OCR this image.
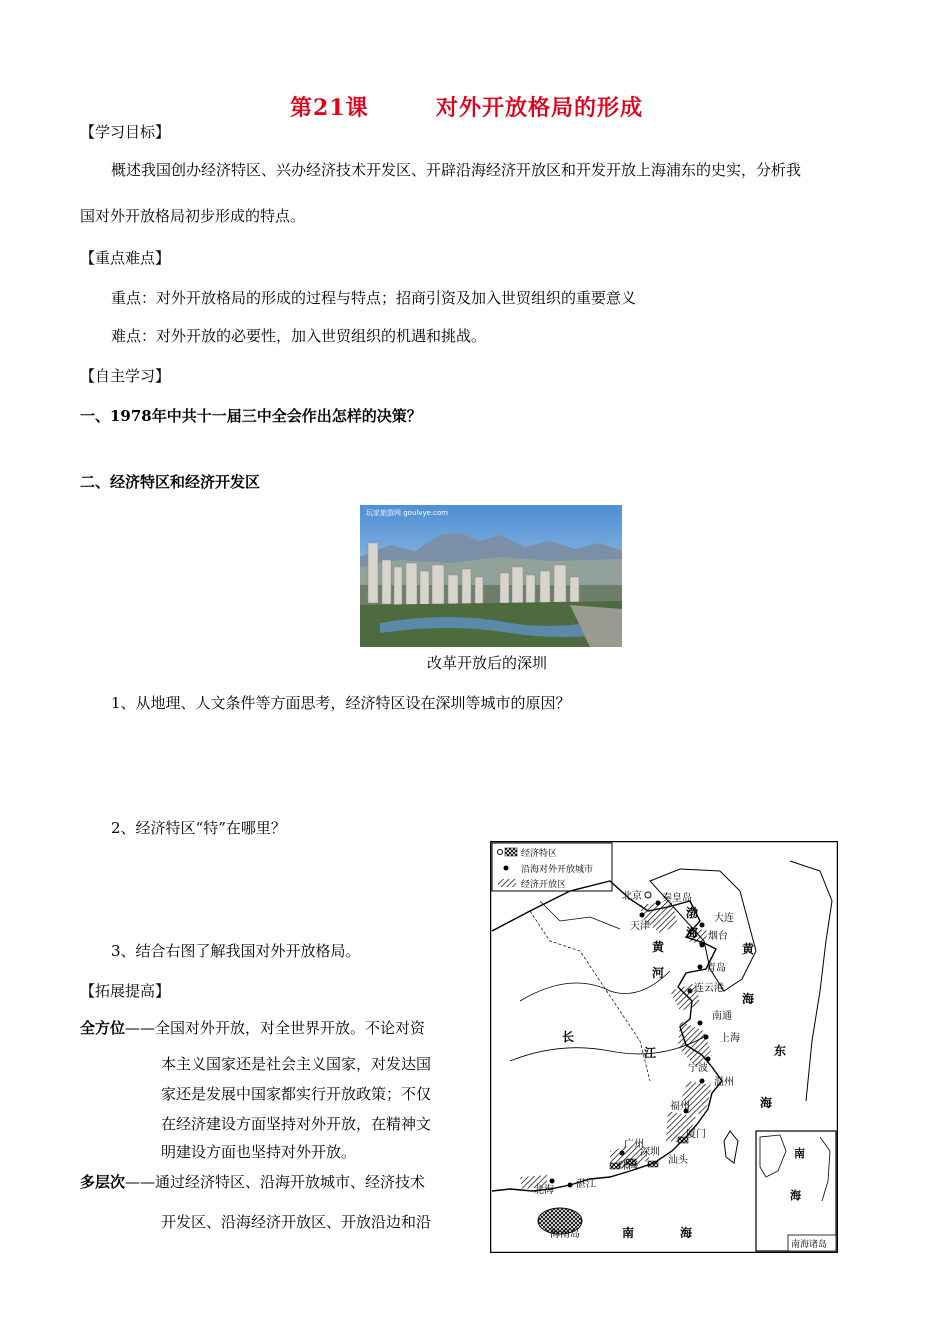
第21课	对外开放格局的形成
【学习目标】
概述我国创办经济特区、兴办经济技术开发区、开辟沿海经济开放区和开发开放上海浦东的史实，分析我
国对外开放格局初步形成的特点。
【重点难点】
重点：对外开放格局的形成的过程与特点；招商引资及加入世贸组织的重要意义
难点：对外开放的必要性，加入世贸组织的机遇和挑战。
【自主学习】
一、1978年中共十一届三中全会作出怎样的决策？
二、经济特区和经济开发区
玩家旅游网 goulvye.com
改革开放后的深圳
1、从地理、人文条件等方面思考，经济特区设在深圳等城市的原因？
2、经济特区“特”在哪里？
3、结合右图了解我国对外开放格局。
【拓展提高】
全方位——全国对外开放，对全世界开放。不论对资
本主义国家还是社会主义国家，对发达国
家还是发展中国家都实行开放政策；不仅
在经济建设方面坚持对外开放，在精神文
明建设方面也坚持对外开放。
多层次——通过经济特区、沿海开放城市、经济技术
开发区、沿海经济开放区、开放沿边和沿
经济特区
沿海对外开放城市
经济开放区
北京 秦皇岛
天津
大连
烟台
青岛
连云港
南通
上海
宁波
温州
福州
厦门
汕头
深圳
珠海
广州
湛江
北海
海南岛
渤
海
黄
海
东
海
南	海
黄
河
长
江
南
海
南海诸岛
